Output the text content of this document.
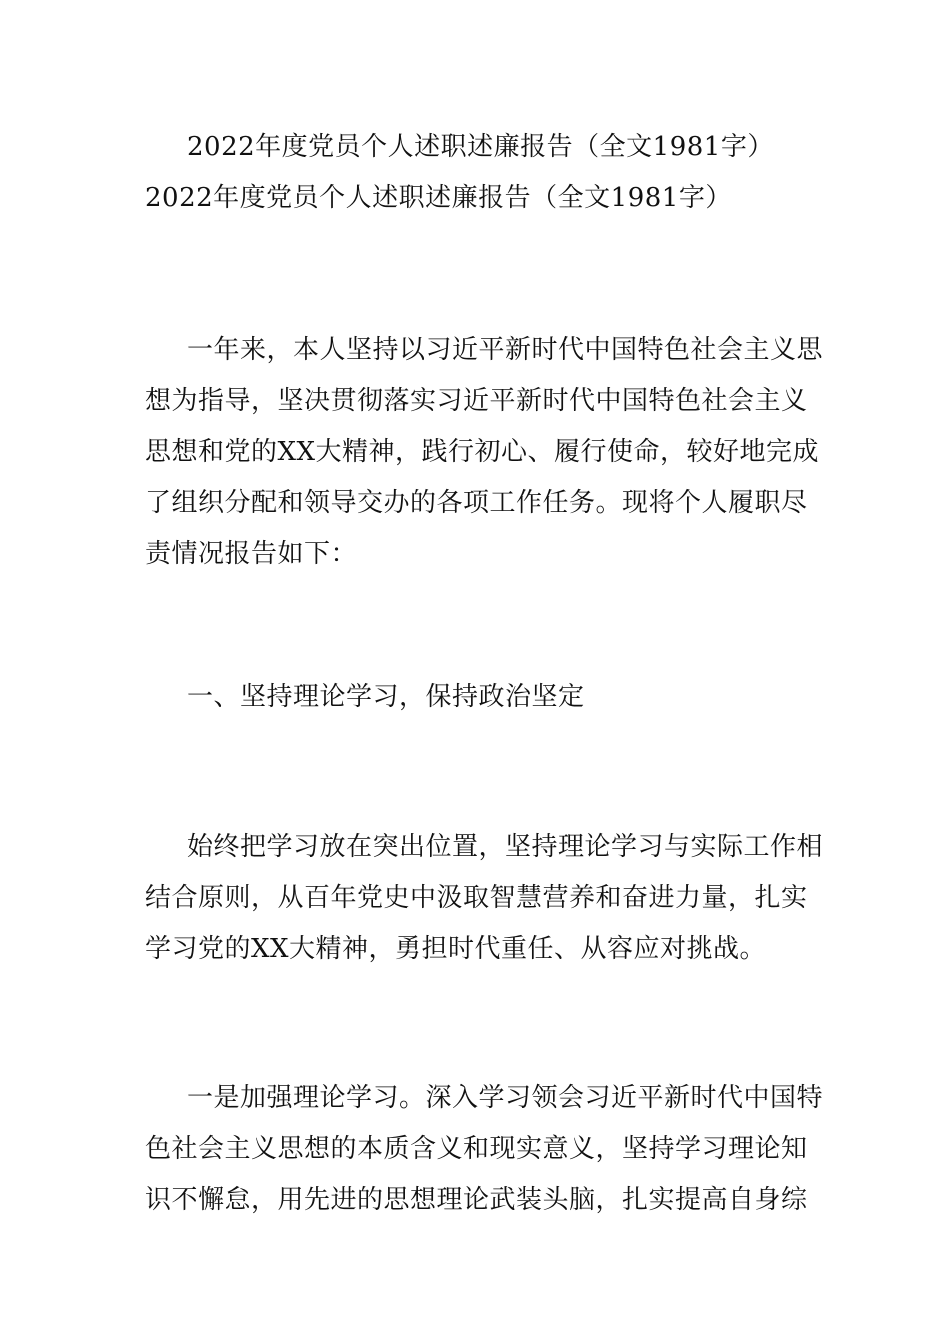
2022年度党员个人述职述廉报告（全文1981字）
2022年度党员个人述职述廉报告（全文1981字）
一年来，本人坚持以习近平新时代中国特色社会主义思
想为指导，坚决贯彻落实习近平新时代中国特色社会主义
思想和党的XX大精神，践行初心、履行使命，较好地完成
了组织分配和领导交办的各项工作任务。现将个人履职尽
责情况报告如下：
一、坚持理论学习，保持政治坚定
始终把学习放在突出位置，坚持理论学习与实际工作相
结合原则，从百年党史中汲取智慧营养和奋进力量，扎实
学习党的XX大精神，勇担时代重任、从容应对挑战。
一是加强理论学习。深入学习领会习近平新时代中国特
色社会主义思想的本质含义和现实意义，坚持学习理论知
识不懈怠，用先进的思想理论武装头脑，扎实提高自身综
